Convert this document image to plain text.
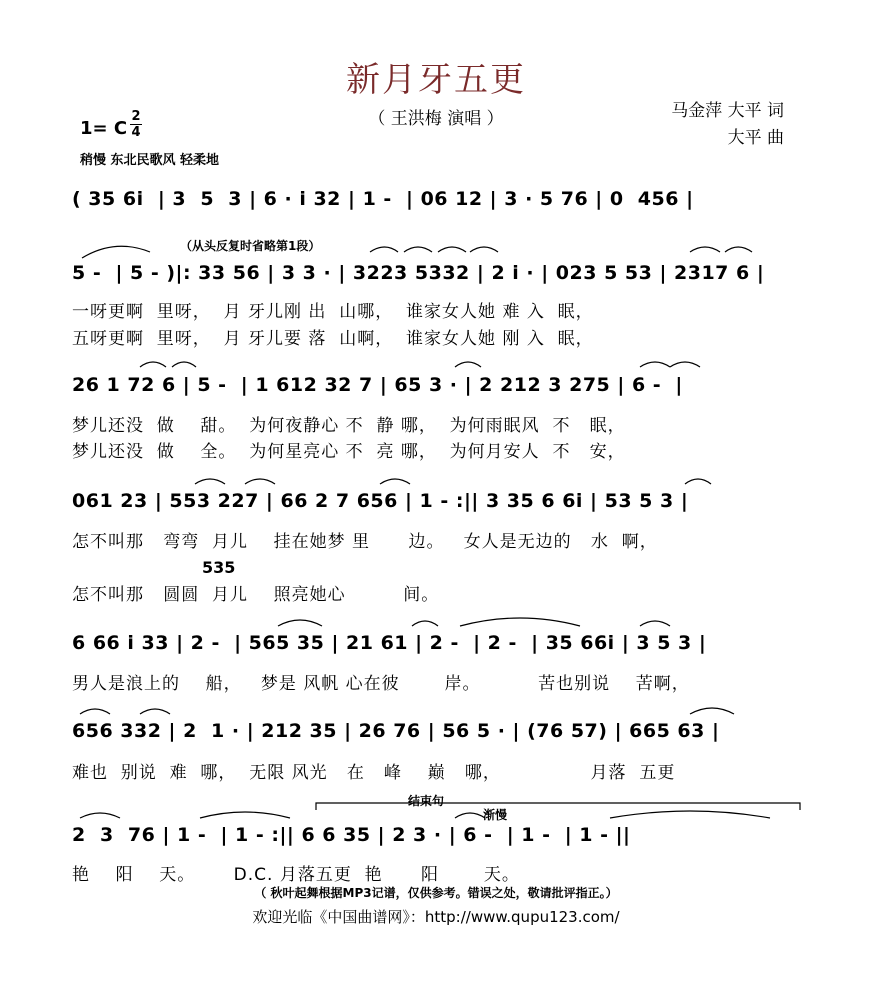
新月牙五更
（ 王洪梅 演唱 ）	马金萍 大平 词
大平 曲
1= C
2
4
稍慢 东北民歌风 轻柔地
( 35 6i  | 3  5  3 | 6 · i 32 | 1 -  | 06 12 | 3 · 5 76 | 0  456 |
（从头反复时省略第1段）
5 -  | 5 - )|: 33 56 | 3 3 · | 3223 5332 | 2 i · | 023 5 53 | 2317 6 |
一呀更啊  里呀，  月 牙儿刚 出  山哪，  谁家女人她 难 入  眠，
五呀更啊  里呀，  月 牙儿要 落  山啊，  谁家女人她 刚 入  眠，
26 1 72 6 | 5 -  | 1 612 32 7 | 65 3 · | 2 212 3 275 | 6 -  |
梦儿还没  做    甜。  为何夜静心 不  静 哪，  为何雨眠风  不   眠，
梦儿还没  做    全。  为何星亮心 不  亮 哪，  为何月安人  不   安，
061 23 | 553 227 | 66 2 7 656 | 1 - :|| 3 35 6 6i | 53 5 3 |
怎不叫那   弯弯  月儿    挂在她梦 里      边。   女人是无边的   水  啊，
535
怎不叫那   圆圆  月儿    照亮她心         间。
6 66 i 33 | 2 -  | 565 35 | 21 61 | 2 -  | 2 -  | 35 66i | 3 5 3 |
男人是浪上的    船，   梦是 风帆 心在彼       岸。         苦也别说    苦啊，
656 332 | 2  1 · | 212 35 | 26 76 | 56 5 · | (76 57) | 665 63 |
难也  别说  难  哪，  无限 风光   在   峰    巅   哪，              月落  五更
结束句
渐慢
2  3  76 | 1 -  | 1 - :|| 6 6 35 | 2 3 · | 6 -  | 1 -  | 1 - ||
艳    阳    天。      D.C. 月落五更  艳      阳       天。
（ 秋叶起舞根据MP3记谱，仅供参考。错误之处，敬请批评指正。）
欢迎光临《中国曲谱网》：http://www.qupu123.com/
